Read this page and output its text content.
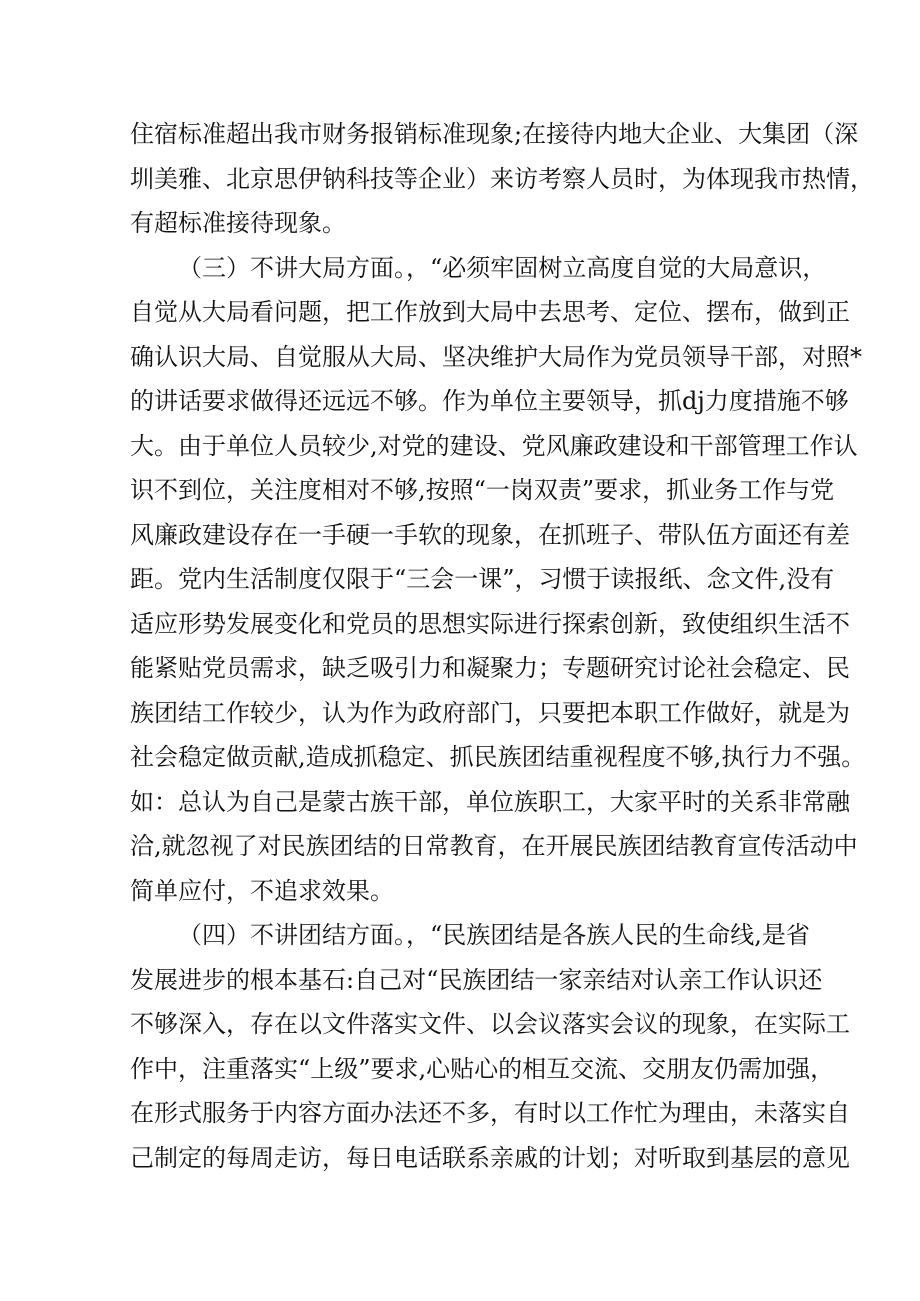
住宿标准超出我市财务报销标准现象;在接待内地大企业、大集团（深
圳美雅、北京思伊钠科技等企业）来访考察人员时，为体现我市热情，
有超标准接待现象。
（三）不讲大局方面。，“必须牢固树立高度自觉的大局意识，
自觉从大局看问题，把工作放到大局中去思考、定位、摆布，做到正
确认识大局、自觉服从大局、坚决维护大局作为党员领导干部，对照*
的讲话要求做得还远远不够。作为单位主要领导，抓dj力度措施不够
大。由于单位人员较少,对党的建设、党风廉政建设和干部管理工作认
识不到位，关注度相对不够,按照“一岗双责”要求，抓业务工作与党
风廉政建设存在一手硬一手软的现象，在抓班子、带队伍方面还有差
距。党内生活制度仅限于“三会一课”，习惯于读报纸、念文件,没有
适应形势发展变化和党员的思想实际进行探索创新，致使组织生活不
能紧贴党员需求，缺乏吸引力和凝聚力；专题研究讨论社会稳定、民
族团结工作较少，认为作为政府部门，只要把本职工作做好，就是为
社会稳定做贡献,造成抓稳定、抓民族团结重视程度不够,执行力不强。
如：总认为自己是蒙古族干部，单位族职工，大家平时的关系非常融
洽,就忽视了对民族团结的日常教育，在开展民族团结教育宣传活动中
简单应付，不追求效果。
（四）不讲团结方面。，“民族团结是各族人民的生命线,是省
发展进步的根本基石:自己对“民族团结一家亲结对认亲工作认识还
不够深入，存在以文件落实文件、以会议落实会议的现象，在实际工
作中，注重落实“上级”要求,心贴心的相互交流、交朋友仍需加强，
在形式服务于内容方面办法还不多，有时以工作忙为理由，未落实自
己制定的每周走访，每日电话联系亲戚的计划；对听取到基层的意见
